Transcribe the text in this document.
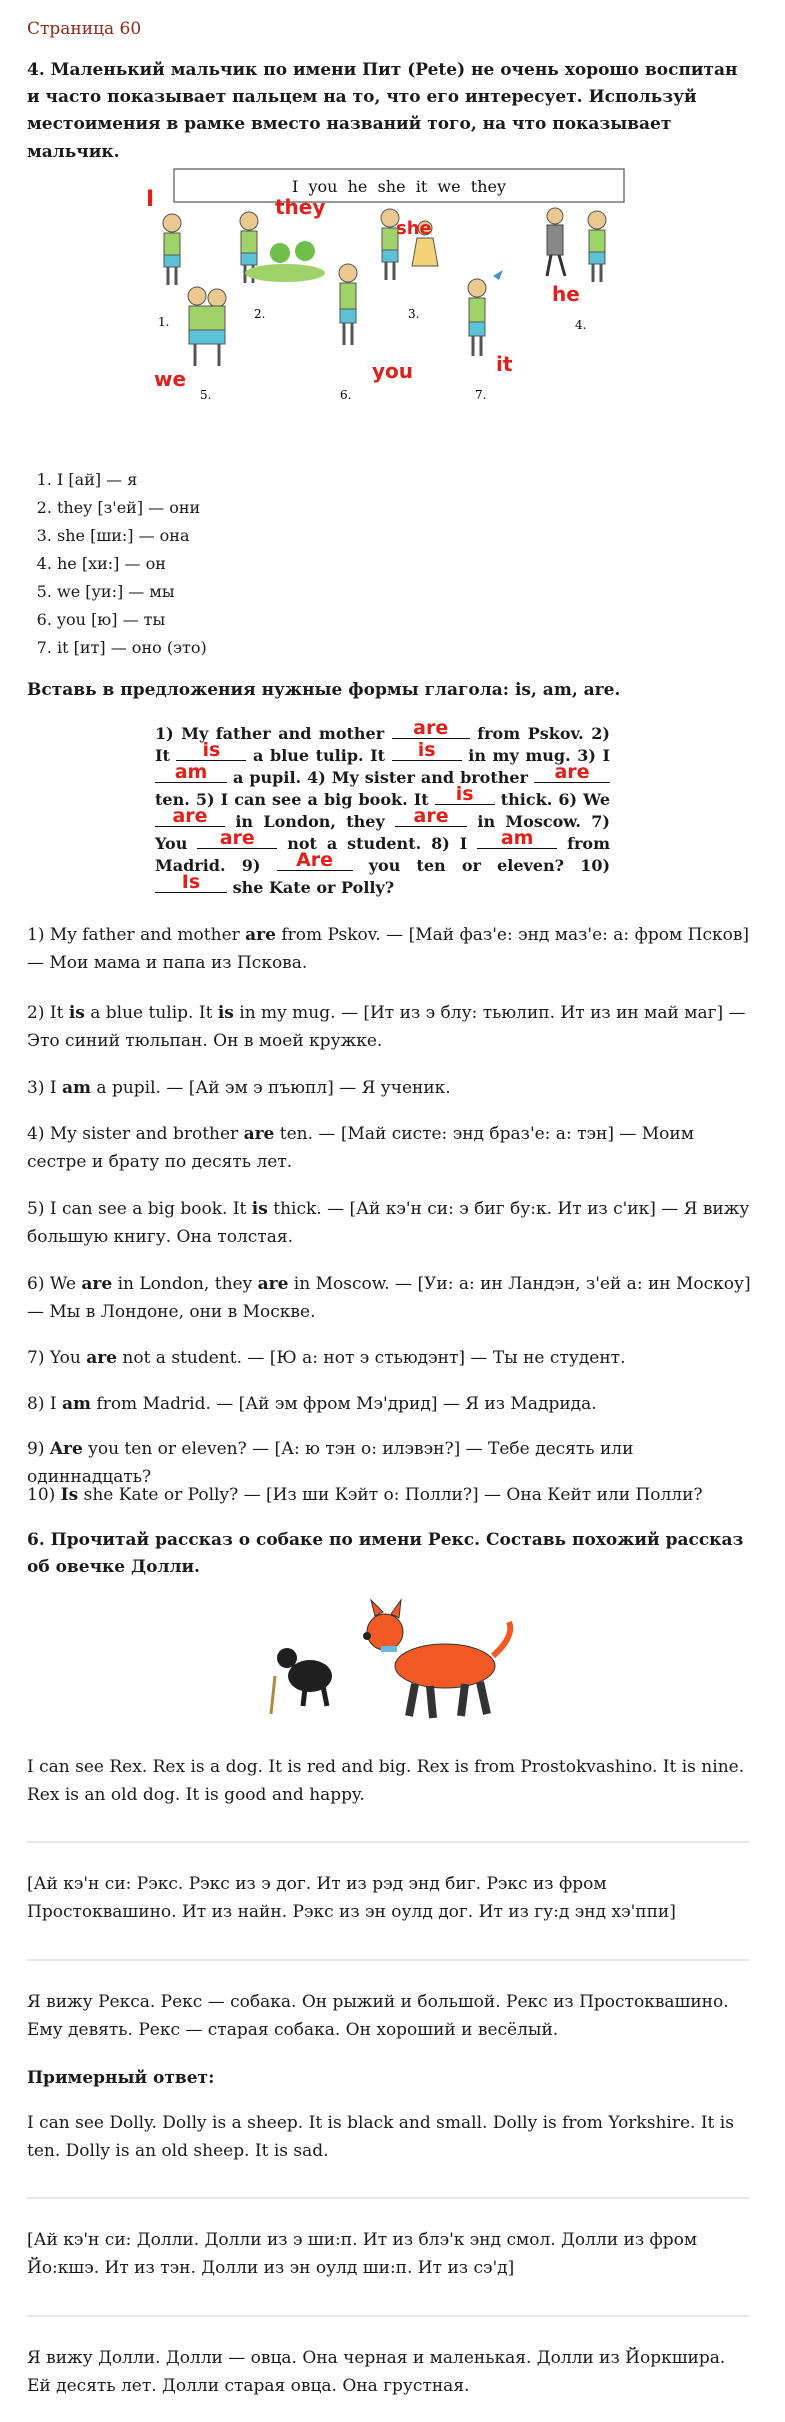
Страница 60

4. Маленький мальчик по имени Пит (Pete) не очень хорошо воспитан и часто показывает пальцем на то, что его интересует. Используй местоимения в рамке вместо названий того, на что показывает мальчик.

I  you  he  she  it  we  they
I
1.
they
2.
she
3.
he
4.
we
5.
you
6.
it
7.
1. I [ай] — я
2. they [з'ей] — они
3. she [ши:] — она
4. he [хи:] — он
5. we [уи:] — мы
6. you [ю] — ты
7. it [ит] — оно (это)

Вставь в предложения нужные формы глагола: is, am, are.

1) My father and mother	are	from Pskov. 2) It	is	a blue tulip. It	is	in my mug. 3) I
am	a pupil. 4) My sister and brother	are
ten. 5) I can see a big book. It	is	thick. 6) We
are	in London, they are	in Moscow. 7) You	are	not a student. 8) I	am	from Madrid. 9)	Are	you ten or eleven? 10)
Is	she Kate or Polly?

1) My father and mother are from Pskov. — [Май фаз'е: энд маз'е: а: фром Псков] — Мои мама и папа из Пскова.

2) It is a blue tulip. It is in my mug. — [Ит из э блу: тьюлип. Ит из ин май маг] — Это синий тюльпан. Он в моей кружке.

3) I am a pupil. — [Ай эм э пъюпл] — Я ученик.

4) My sister and brother are ten. — [Май систе: энд браз'е: а: тэн] — Моим сестре и брату по десять лет.

5) I can see a big book. It is thick. — [Ай кэ'н си: э биг бу:к. Ит из с'ик] — Я вижу большую книгу. Она толстая.

6) We are in London, they are in Moscow. — [Уи: а: ин Ландэн, з'ей а: ин Москоу] — Мы в Лондоне, они в Москве.

7) You are not a student. — [Ю а: нот э стьюдэнт] — Ты не студент.

8) I am from Madrid. — [Ай эм фром Мэ'дрид] — Я из Мадрида.

9) Are you ten or eleven? — [А: ю тэн о: илэвэн?] — Тебе десять или одиннадцать?

10) Is she Kate or Polly? — [Из ши Кэйт о: Полли?] — Она Кейт или Полли?

6. Прочитай рассказ о собаке по имени Рекс. Составь похожий рассказ об овечке Долли.

I can see Rex. Rex is a dog. It is red and big. Rex is from Prostokvashino. It is nine. Rex is an old dog. It is good and happy.

[Ай кэ'н си: Рэкс. Рэкс из э дог. Ит из рэд энд биг. Рэкс из фром Простоквашино. Ит из найн. Рэкс из эн оулд дог. Ит из гу:д энд хэ'ппи]

Я вижу Рекса. Рекс — собака. Он рыжий и большой. Рекс из Простоквашино. Ему девять. Рекс — старая собака. Он хороший и весёлый.

Примерный ответ:

I can see Dolly. Dolly is a sheep. It is black and small. Dolly is from Yorkshire. It is ten. Dolly is an old sheep. It is sad.

[Ай кэ'н си: Долли. Долли из э ши:п. Ит из блэ'к энд смол. Долли из фром Йо:кшэ. Ит из тэн. Долли из эн оулд ши:п. Ит из сэ'д]

Я вижу Долли. Долли — овца. Она черная и маленькая. Долли из Йоркшира. Ей десять лет. Долли старая овца. Она грустная.
